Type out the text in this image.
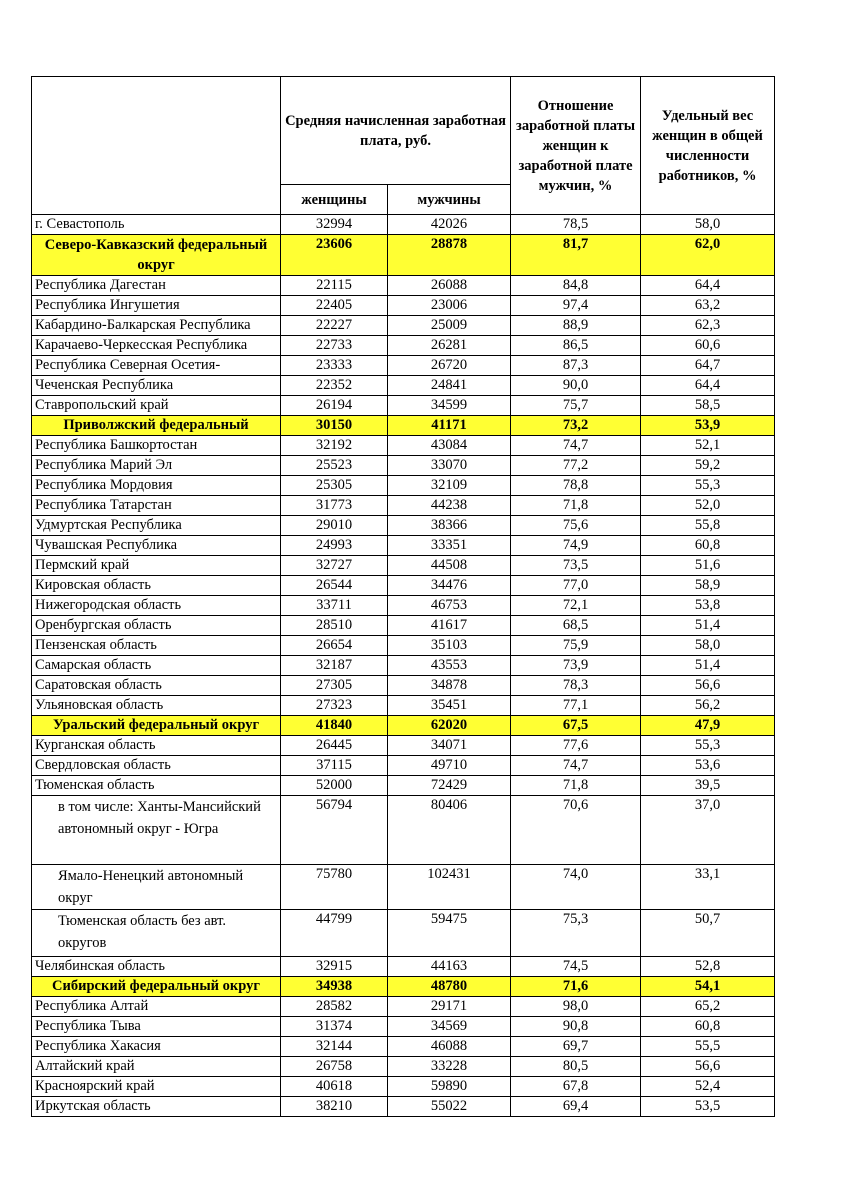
	Средняя начисленная заработная плата, руб.		Отношение заработной платы женщин к заработной плате мужчин, %	Удельный вес женщин в общей численности работников, %
	женщины	мужчины		
г. Севастополь	32994	42026	78,5	58,0
Северо-Кавказский федеральный округ	23606	28878	81,7	62,0
Республика Дагестан	22115	26088	84,8	64,4
Республика Ингушетия	22405	23006	97,4	63,2
Кабардино-Балкарская Республика	22227	25009	88,9	62,3
Карачаево-Черкесская Республика	22733	26281	86,5	60,6
Республика Северная Осетия-	23333	26720	87,3	64,7
Чеченская Республика	22352	24841	90,0	64,4
Ставропольский край	26194	34599	75,7	58,5
Приволжский федеральный	30150	41171	73,2	53,9
Республика Башкортостан	32192	43084	74,7	52,1
Республика Марий Эл	25523	33070	77,2	59,2
Республика Мордовия	25305	32109	78,8	55,3
Республика Татарстан	31773	44238	71,8	52,0
Удмуртская Республика	29010	38366	75,6	55,8
Чувашская Республика	24993	33351	74,9	60,8
Пермский край	32727	44508	73,5	51,6
Кировская область	26544	34476	77,0	58,9
Нижегородская область	33711	46753	72,1	53,8
Оренбургская область	28510	41617	68,5	51,4
Пензенская область	26654	35103	75,9	58,0
Самарская область	32187	43553	73,9	51,4
Саратовская область	27305	34878	78,3	56,6
Ульяновская область	27323	35451	77,1	56,2
Уральский федеральный округ	41840	62020	67,5	47,9
Курганская область	26445	34071	77,6	55,3
Свердловская область	37115	49710	74,7	53,6
Тюменская область	52000	72429	71,8	39,5
в том числе: Ханты-Мансийский автономный округ - Югра	56794	80406	70,6	37,0
Ямало-Ненецкий автономный округ	75780	102431	74,0	33,1
Тюменская область без авт. округов	44799	59475	75,3	50,7
Челябинская область	32915	44163	74,5	52,8
Сибирский федеральный округ	34938	48780	71,6	54,1
Республика Алтай	28582	29171	98,0	65,2
Республика Тыва	31374	34569	90,8	60,8
Республика Хакасия	32144	46088	69,7	55,5
Алтайский край	26758	33228	80,5	56,6
Красноярский край	40618	59890	67,8	52,4
Иркутская область	38210	55022	69,4	53,5
